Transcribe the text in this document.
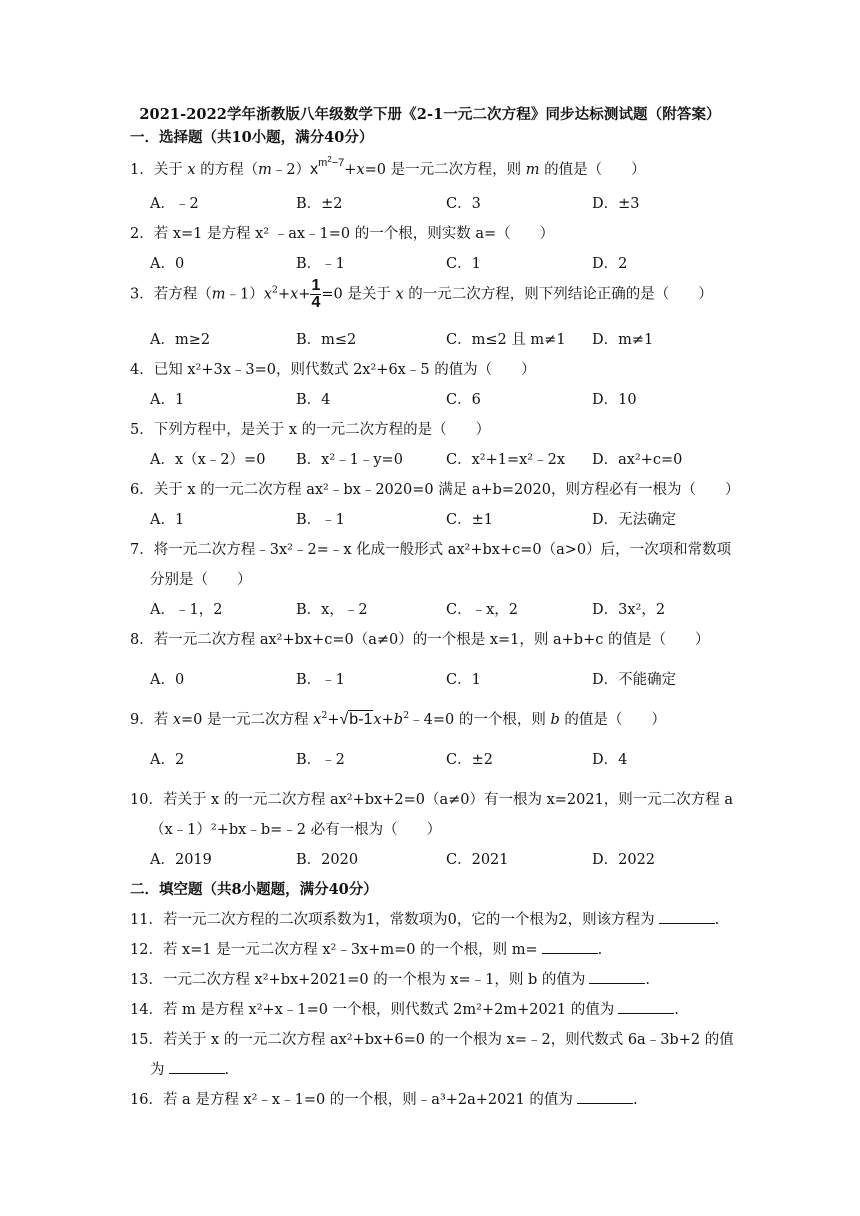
2021-2022学年浙教版八年级数学下册《2-1一元二次方程》同步达标测试题（附答案）
一．选择题（共10小题，满分40分）
1．关于 x 的方程$(m﹣2)x^{m^2-7}+x=0$ 是一元二次方程，则 m 的值是（　　）
A．﹣2	B．±2	C．3	D．±3
2．若 x=1 是方程 x² ﹣ax﹣1=0 的一个根，则实数 a=（　　）
A．0	B．﹣1	C．1	D．2
3．若方程$(m﹣1)x^2+x+ \frac{1}{4} =0$ 是关于 x 的一元二次方程，则下列结论正确的是（　　）
A．m≥2	B．m≤2	C．m≤2 且 m≠1 D．m≠1
4．已知 x²+3x﹣3=0，则代数式 2x²+6x﹣5 的值为（　　）
A．1	B．4	C．6	D．10
5．下列方程中，是关于 x 的一元二次方程的是（　　）
A．x（x﹣2）=0 B．x²﹣1﹣y=0	C．x²+1=x²﹣2x D．ax²+c=0
6．关于 x 的一元二次方程 ax²﹣bx﹣2020=0 满足 a+b=2020，则方程必有一根为（　　）
A．1	B．﹣1	C．±1	D．无法确定
7．将一元二次方程﹣3x²﹣2=﹣x 化成一般形式 ax²+bx+c=0（a>0）后，一次项和常数项
分别是（　　）
A．﹣1，2	B．x，﹣2	C．﹣x，2	D．3x²，2
8．若一元二次方程 ax²+bx+c=0（a≠0）的一个根是 x=1，则 a+b+c 的值是（　　）
A．0	B．﹣1	C．1	D．不能确定
9．若 x=0 是一元二次方程 $x^2+√b-1x+b^2﹣4=0$ 的一个根，则 b 的值是（　　）
A．2	B．﹣2	C．±2	D．4
10．若关于 x 的一元二次方程 ax²+bx+2=0（a≠0）有一根为 x=2021，则一元二次方程 a
（x﹣1）²+bx﹣b=﹣2 必有一根为（　　）
A．2019	B．2020	C．2021	D．2022
二．填空题（共8小题题，满分40分）
11．若一元二次方程的二次项系数为1，常数项为0，它的一个根为2，则该方程为	.
12．若 x=1 是一元二次方程 x²﹣3x+m=0 的一个根，则 m=	.
13．一元二次方程 x²+bx+2021=0 的一个根为 x=﹣1，则 b 的值为	.
14．若 m 是方程 x²+x﹣1=0 一个根，则代数式 2m²+2m+2021 的值为	.
15．若关于 x 的一元二次方程 ax²+bx+6=0 的一个根为 x=﹣2，则代数式 6a﹣3b+2 的值
为	.
16．若 a 是方程 x²﹣x﹣1=0 的一个根，则﹣a³+2a+2021 的值为	.
